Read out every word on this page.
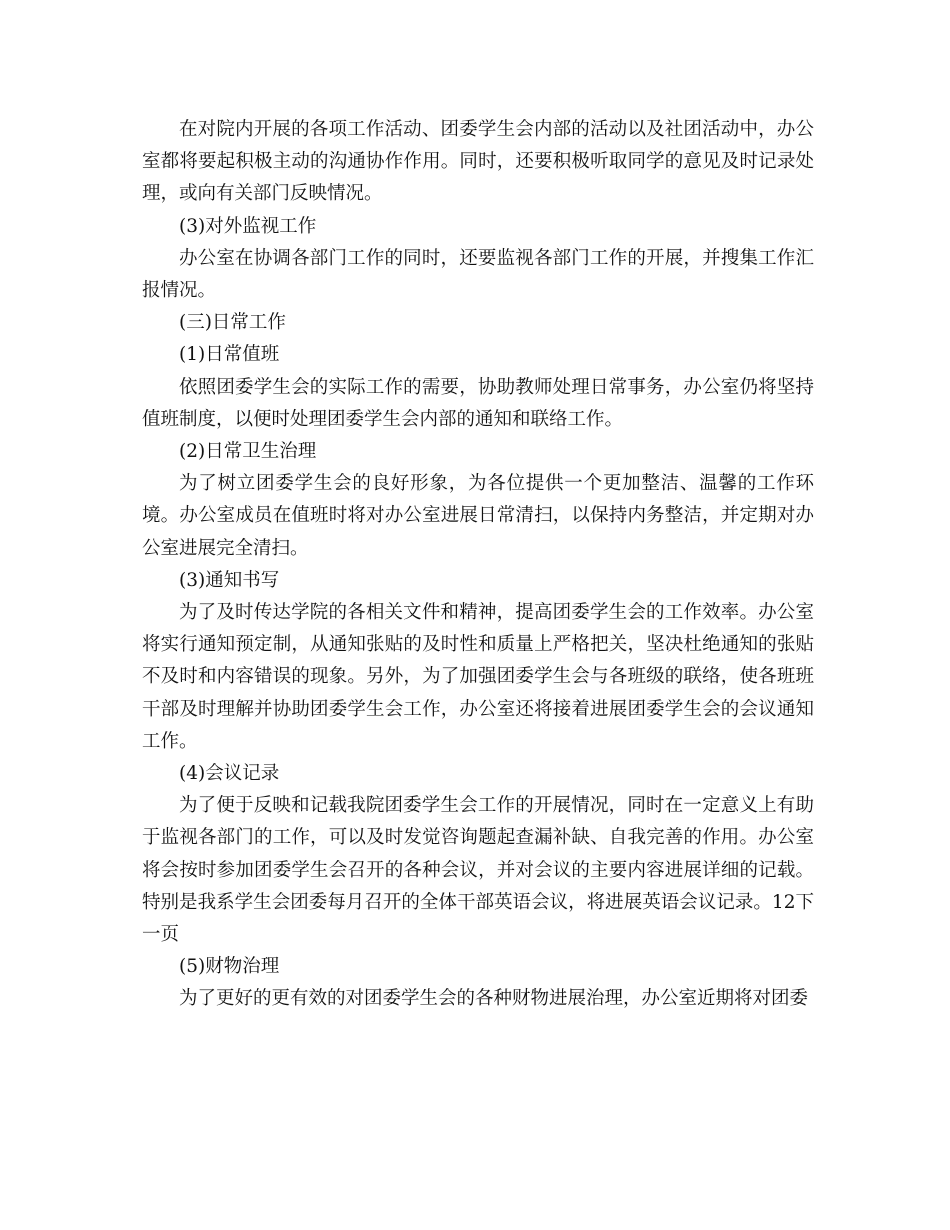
在对院内开展的各项工作活动、团委学生会内部的活动以及社团活动中，办公室都将要起积极主动的沟通协作作用。同时，还要积极听取同学的意见及时记录处理，或向有关部门反映情况。

(3)对外监视工作

办公室在协调各部门工作的同时，还要监视各部门工作的开展，并搜集工作汇报情况。

(三)日常工作

(1)日常值班

依照团委学生会的实际工作的需要，协助教师处理日常事务，办公室仍将坚持值班制度，以便时处理团委学生会内部的通知和联络工作。

(2)日常卫生治理

为了树立团委学生会的良好形象，为各位提供一个更加整洁、温馨的工作环境。办公室成员在值班时将对办公室进展日常清扫，以保持内务整洁，并定期对办公室进展完全清扫。

(3)通知书写

为了及时传达学院的各相关文件和精神，提高团委学生会的工作效率。办公室将实行通知预定制，从通知张贴的及时性和质量上严格把关，坚决杜绝通知的张贴不及时和内容错误的现象。另外，为了加强团委学生会与各班级的联络，使各班班干部及时理解并协助团委学生会工作，办公室还将接着进展团委学生会的会议通知工作。

(4)会议记录

为了便于反映和记载我院团委学生会工作的开展情况，同时在一定意义上有助于监视各部门的工作，可以及时发觉咨询题起查漏补缺、自我完善的作用。办公室将会按时参加团委学生会召开的各种会议，并对会议的主要内容进展详细的记载。特别是我系学生会团委每月召开的全体干部英语会议，将进展英语会议记录。12下一页

(5)财物治理

为了更好的更有效的对团委学生会的各种财物进展治理，办公室近期将对团委
